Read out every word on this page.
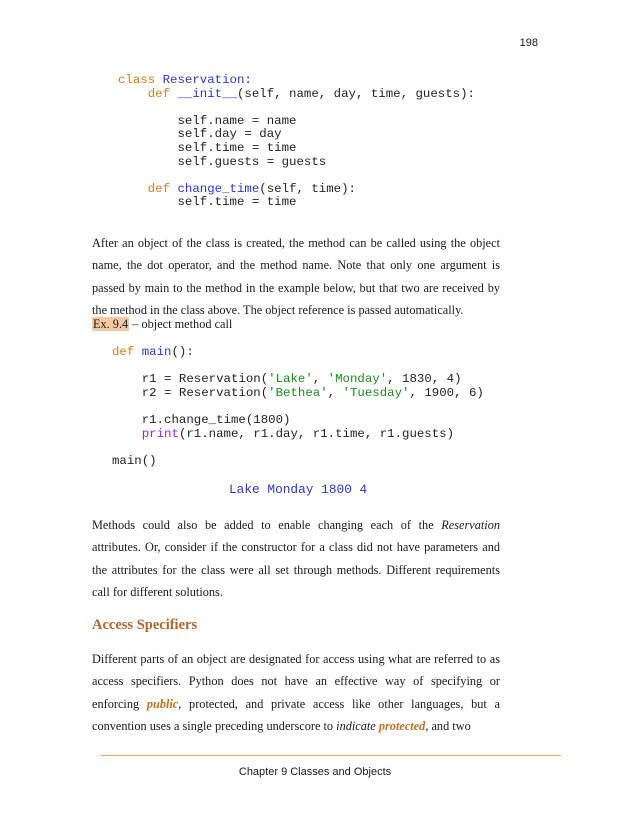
198
class Reservation:
def __init__(self, name, day, time, guests):

self.name = name
self.day = day
self.time = time
self.guests = guests

def change_time(self, time):
self.time = time

After an object of the class is created, the method can be called using the object name, the dot operator, and the method name. Note that only one argument is passed by main to the method in the example below, but that two are received by the method in the class above. The object reference is passed automatically.

Ex. 9.4 – object method call
def main():

r1 = Reservation('Lake', 'Monday', 1830, 4)
r2 = Reservation('Bethea', 'Tuesday', 1900, 6)

r1.change_time(1800)
print(r1.name, r1.day, r1.time, r1.guests)

main()
Lake Monday 1800 4

Methods could also be added to enable changing each of the Reservation attributes. Or, consider if the constructor for a class did not have parameters and the attributes for the class were all set through methods. Different requirements call for different solutions.

Access Specifiers

Different parts of an object are designated for access using what are referred to as access specifiers. Python does not have an effective way of specifying or enforcing public, protected, and private access like other languages, but a convention uses a single preceding underscore to indicate protected, and two

Chapter 9 Classes and Objects
